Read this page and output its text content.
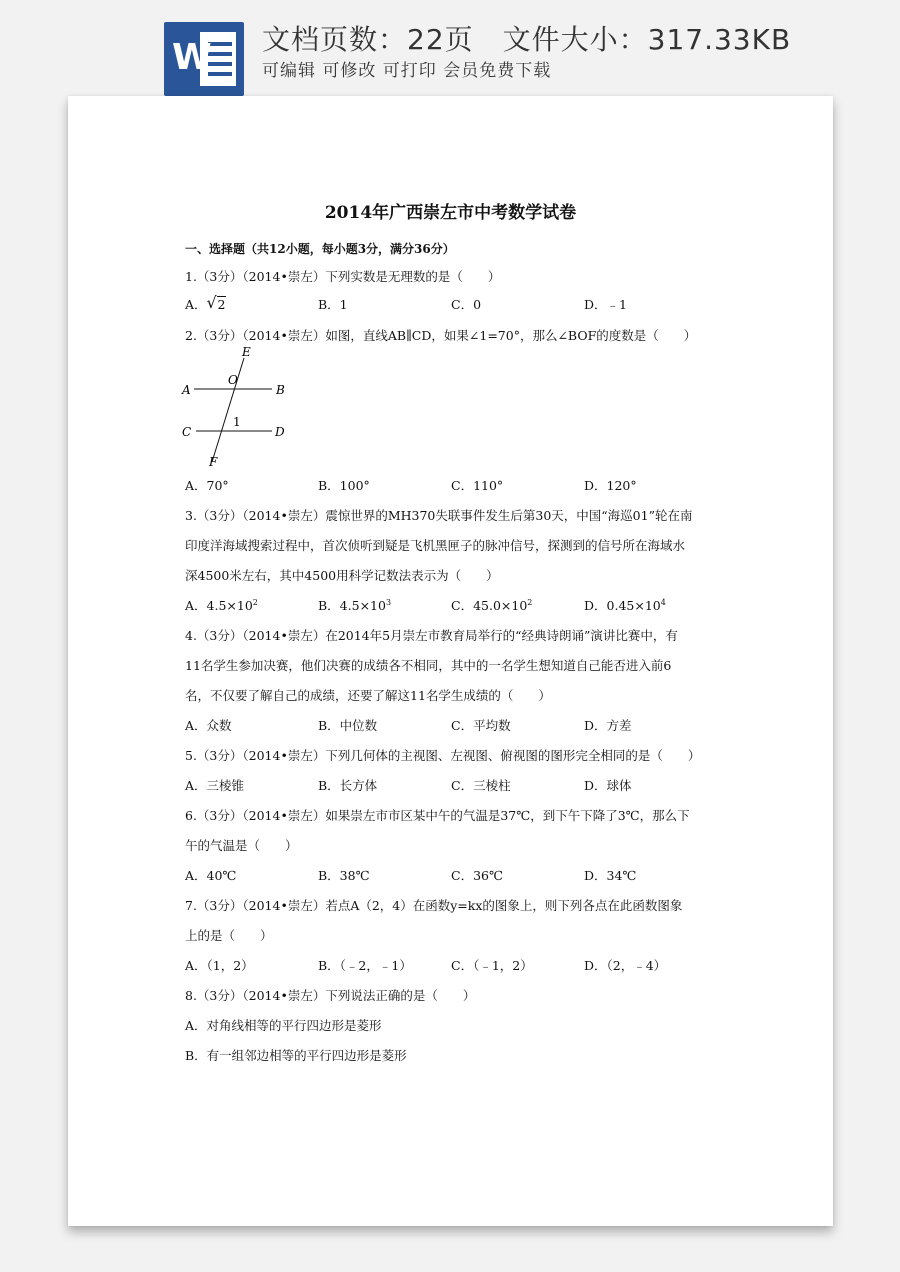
W 文档页数：22页　文件大小：317.33KB
可编辑 可修改 可打印 会员免费下载
2014年广西崇左市中考数学试卷
一、选择题（共12小题，每小题3分，满分36分）
1.（3分）（2014•崇左）下列实数是无理数的是（　　）
A． √ 2	B．1	C．0	D．﹣1
2.（3分）（2014•崇左）如图，直线AB∥CD，如果∠1=70°，那么∠BOF的度数是（　　）
E
A
O
B
C
1
D
F
A．70°	B．100°	C．110°	D．120°
3.（3分）（2014•崇左）震惊世界的MH370失联事件发生后第30天，中国“海巡01”轮在南
印度洋海域搜索过程中，首次侦听到疑是飞机黑匣子的脉冲信号，探测到的信号所在海域水
深4500米左右，其中4500用科学记数法表示为（　　）
A．$4.5\times 10^2$	B．$4.5\times 10^3$	C．$45.0\times 10^2$	D．$0.45\times 10^4$
4.（3分）（2014•崇左）在2014年5月崇左市教育局举行的“经典诗朗诵”演讲比赛中，有
11名学生参加决赛，他们决赛的成绩各不相同，其中的一名学生想知道自己能否进入前6
名，不仅要了解自己的成绩，还要了解这11名学生成绩的（　　）
A．众数	B．中位数	C．平均数	D．方差
5.（3分）（2014•崇左）下列几何体的主视图、左视图、俯视图的图形完全相同的是（　　）
A．三棱锥	B．长方体	C．三棱柱	D．球体
6.（3分）（2014•崇左）如果崇左市市区某中午的气温是37℃，到下午下降了3℃，那么下
午的气温是（　　）
A．40℃	B．38℃	C．36℃	D．34℃
7.（3分）（2014•崇左）若点A（2，4）在函数y=kx的图象上，则下列各点在此函数图象
上的是（　　）
A．（1，2）	B．（﹣2，﹣1）	C．（﹣1，2）	D．（2，﹣4）
8.（3分）（2014•崇左）下列说法正确的是（　　）
A．对角线相等的平行四边形是菱形
B．有一组邻边相等的平行四边形是菱形
